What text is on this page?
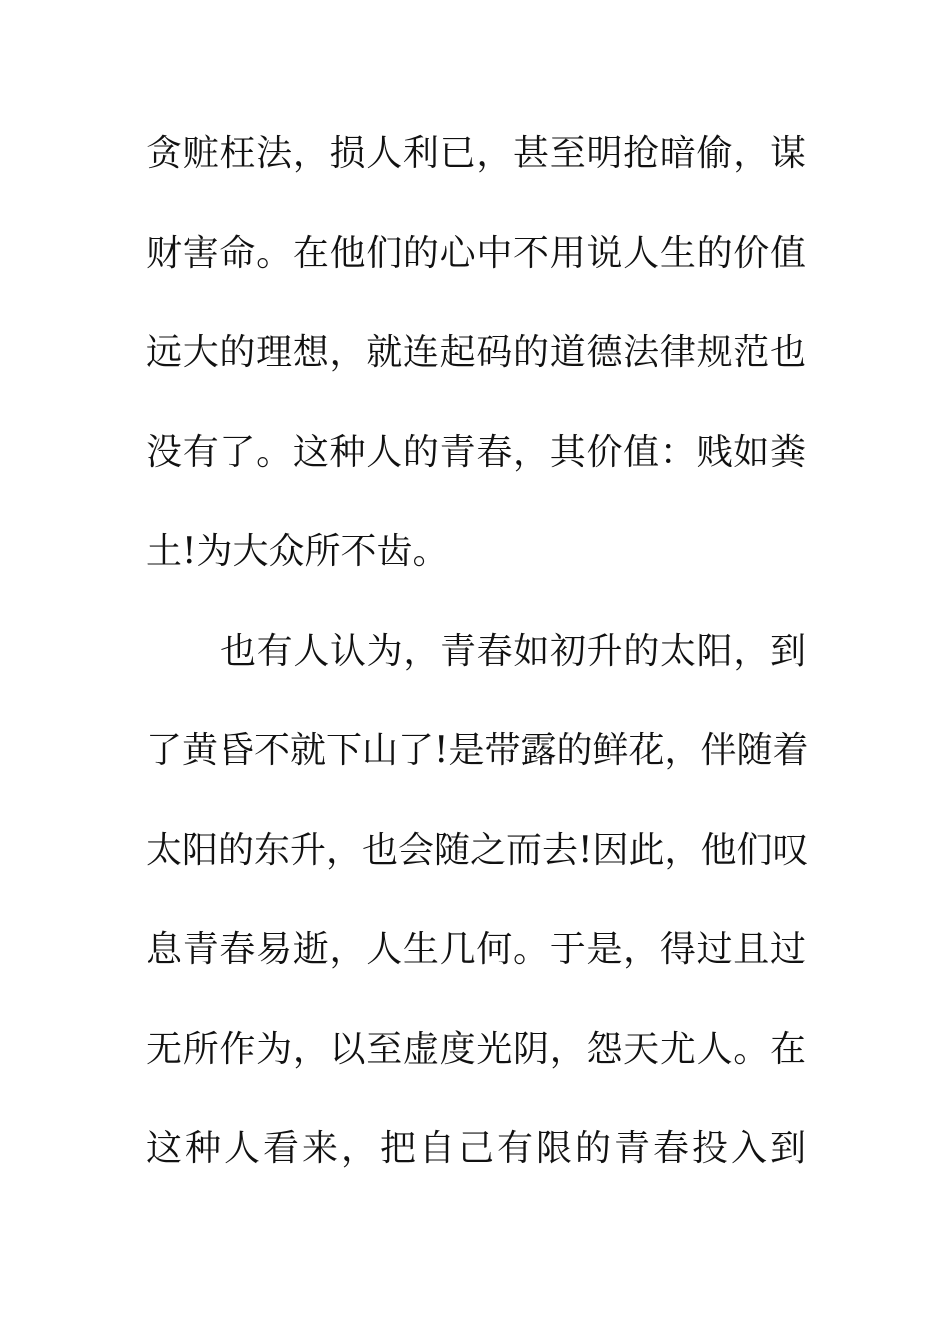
贪赃枉法，损人利已，甚至明抢暗偷，谋
财害命。在他们的心中不用说人生的价值
远大的理想，就连起码的道德法律规范也
没有了。这种人的青春，其价值：贱如粪
土!为大众所不齿。
也有人认为，青春如初升的太阳，到
了黄昏不就下山了!是带露的鲜花，伴随着
太阳的东升，也会随之而去!因此，他们叹
息青春易逝，人生几何。于是，得过且过
无所作为，以至虚度光阴，怨天尤人。在
这种人看来，把自己有限的青春投入到
